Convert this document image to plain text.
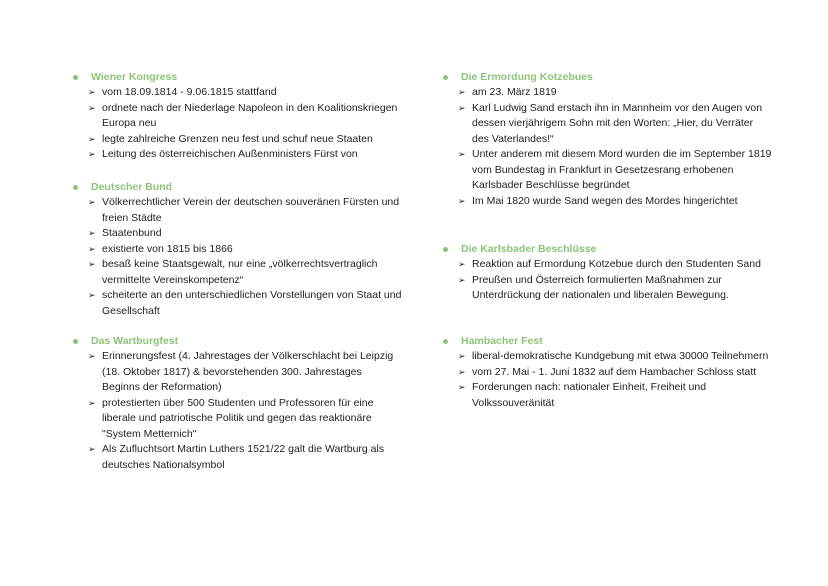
Wiener Kongress
➢ vom 18.09.1814 - 9.06.1815 stattfand
➢ ordnete nach der Niederlage Napoleon in den Koalitionskriegen Europa neu
➢ legte zahlreiche Grenzen neu fest und schuf neue Staaten
➢ Leitung des österreichischen Außenministers Fürst von
Deutscher Bund
➢ Völkerrechtlicher Verein der deutschen souveränen Fürsten und freien Städte
➢ Staatenbund
➢ existierte von 1815 bis 1866
➢ besaß keine Staatsgewalt, nur eine „völkerrechtsvertraglich vermittelte Vereinskompetenz“
➢ scheiterte an den unterschiedlichen Vorstellungen von Staat und Gesellschaft
Das Wartburgfest
➢ Erinnerungsfest (4. Jahrestages der Völkerschlacht bei Leipzig (18. Oktober 1817) & bevorstehenden 300. Jahrestages Beginns der Reformation)
➢ protestierten über 500 Studenten und Professoren für eine liberale und patriotische Politik und gegen das reaktionäre "System Metternich"
➢ Als Zufluchtsort Martin Luthers 1521/22 galt die Wartburg als deutsches Nationalsymbol
Die Ermordung Kotzebues
➢ am 23. März 1819
➢ Karl Ludwig Sand erstach ihn in Mannheim vor den Augen von dessen vierjährigem Sohn mit den Worten: „Hier, du Verräter des Vaterlandes!“
➢ Unter anderem mit diesem Mord wurden die im September 1819 vom Bundestag in Frankfurt in Gesetzesrang erhobenen Karlsbader Beschlüsse begründet
➢ Im Mai 1820 wurde Sand wegen des Mordes hingerichtet
Die Karlsbader Beschlüsse
➢ Reaktion auf Ermordung Kotzebue durch den Studenten Sand
➢ Preußen und Österreich formulierten Maßnahmen zur Unterdrückung der nationalen und liberalen Bewegung.
Hambacher Fest
➢ liberal-demokratische Kundgebung mit etwa 30000 Teilnehmern
➢ vom 27. Mai - 1. Juni 1832 auf dem Hambacher Schloss statt
➢ Forderungen nach: nationaler Einheit, Freiheit und Volkssouveränität
